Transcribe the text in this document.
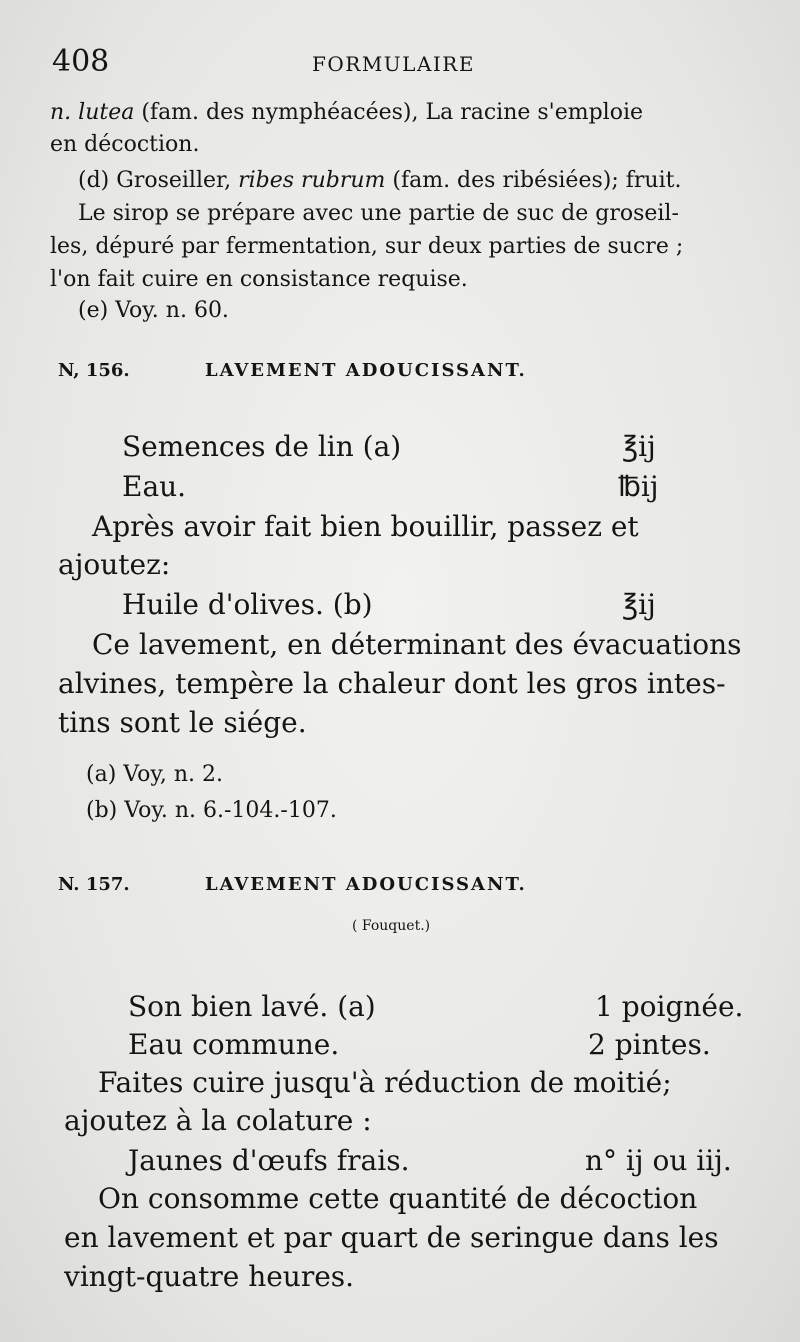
408	FORMULAIRE
n. lutea (fam. des nymphéacées), La racine s'emploie
en décoction.
(d) Groseiller, ribes rubrum (fam. des ribésiées); fruit.
Le sirop se prépare avec une partie de suc de groseil-
les, dépuré par fermentation, sur deux parties de sucre ;
l'on fait cuire en consistance requise.
(e) Voy. n. 60.
N, 156.	LAVEMENT ADOUCISSANT.
Semences de lin (a)	℥ij
Eau.	℔ij
Après avoir fait bien bouillir, passez et
ajoutez:
Huile d'olives. (b)	℥ij
Ce lavement, en déterminant des évacuations
alvines, tempère la chaleur dont les gros intes-
tins sont le siége.
(a) Voy, n. 2.
(b) Voy. n. 6.-104.-107.
N. 157.	LAVEMENT ADOUCISSANT.
( Fouquet.)
Son bien lavé. (a)	1 poignée.
Eau commune.	2 pintes.
Faites cuire jusqu'à réduction de moitié;
ajoutez à la colature :
Jaunes d'œufs frais.	n° ij ou iij.
On consomme cette quantité de décoction
en lavement et par quart de seringue dans les
vingt-quatre heures.
